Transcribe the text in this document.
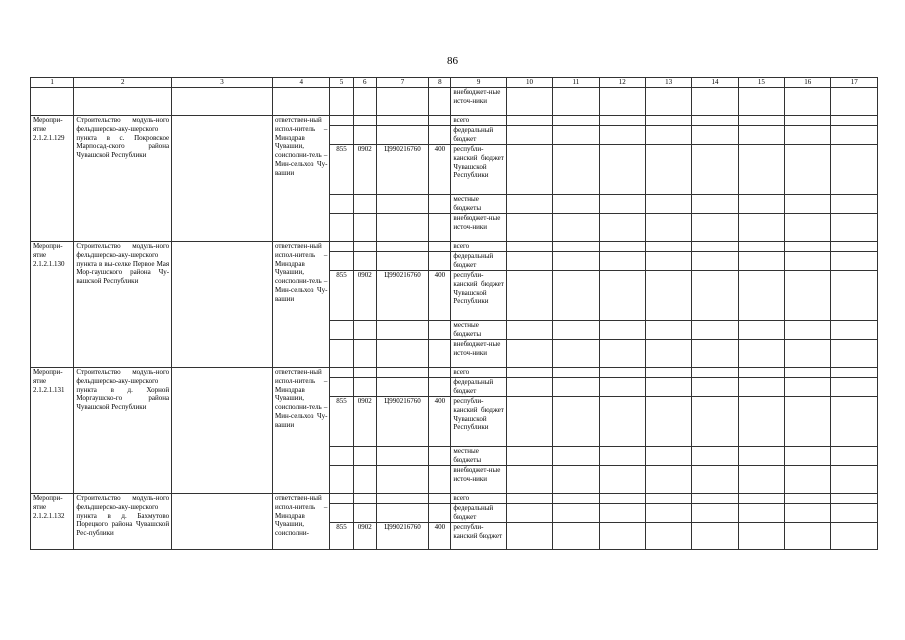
86
1	2	3	4	5	6	7	8	9	10	11	12	13	14	15	16	17
								внебюджет-ные источ-ники								
Меропри-ятие 2.1.2.1.129	Строительство модуль-ного фельдшерско-аку-шерского пункта в с. Покровское Марпосад-ского района Чувашской Республики		ответствен-ный испол-нитель – Минздрав Чувашии, соисполни-тель – Мин-сельхоз Чу-вашии					всего								
								федеральный бюджет								
				855	0902	Ц990216760	400	республи-канский бюджет Чувашской Республики								
								местные бюджеты								
								внебюджет-ные источ-ники								
Меропри-ятие 2.1.2.1.130	Строительство модуль-ного фельдшерско-аку-шерского пункта в вы-селке Первое Мая Мор-гаушского района Чу-вашской Республики		ответствен-ный испол-нитель – Минздрав Чувашии, соисполни-тель – Мин-сельхоз Чу-вашии					всего								
								федеральный бюджет								
				855	0902	Ц990216760	400	республи-канский бюджет Чувашской Республики								
								местные бюджеты								
								внебюджет-ные источ-ники								
Меропри-ятие 2.1.2.1.131	Строительство модуль-ного фельдшерско-аку-шерского пункта в д. Хорной Моргаушско-го района Чувашской Республики		ответствен-ный испол-нитель – Минздрав Чувашии, соисполни-тель – Мин-сельхоз Чу-вашии					всего								
								федеральный бюджет								
				855	0902	Ц990216760	400	республи-канский бюджет Чувашской Республики								
								местные бюджеты								
								внебюджет-ные источ-ники								
Меропри-ятие 2.1.2.1.132	Строительство модуль-ного фельдшерско-аку-шерского пункта в д. Бахмутово Порецкого района Чувашской Рес-публики		ответствен-ный испол-нитель – Минздрав Чувашии, соисполни-					всего								
								федеральный бюджет								
				855	0902	Ц990216760	400	республи-канский бюджет								
